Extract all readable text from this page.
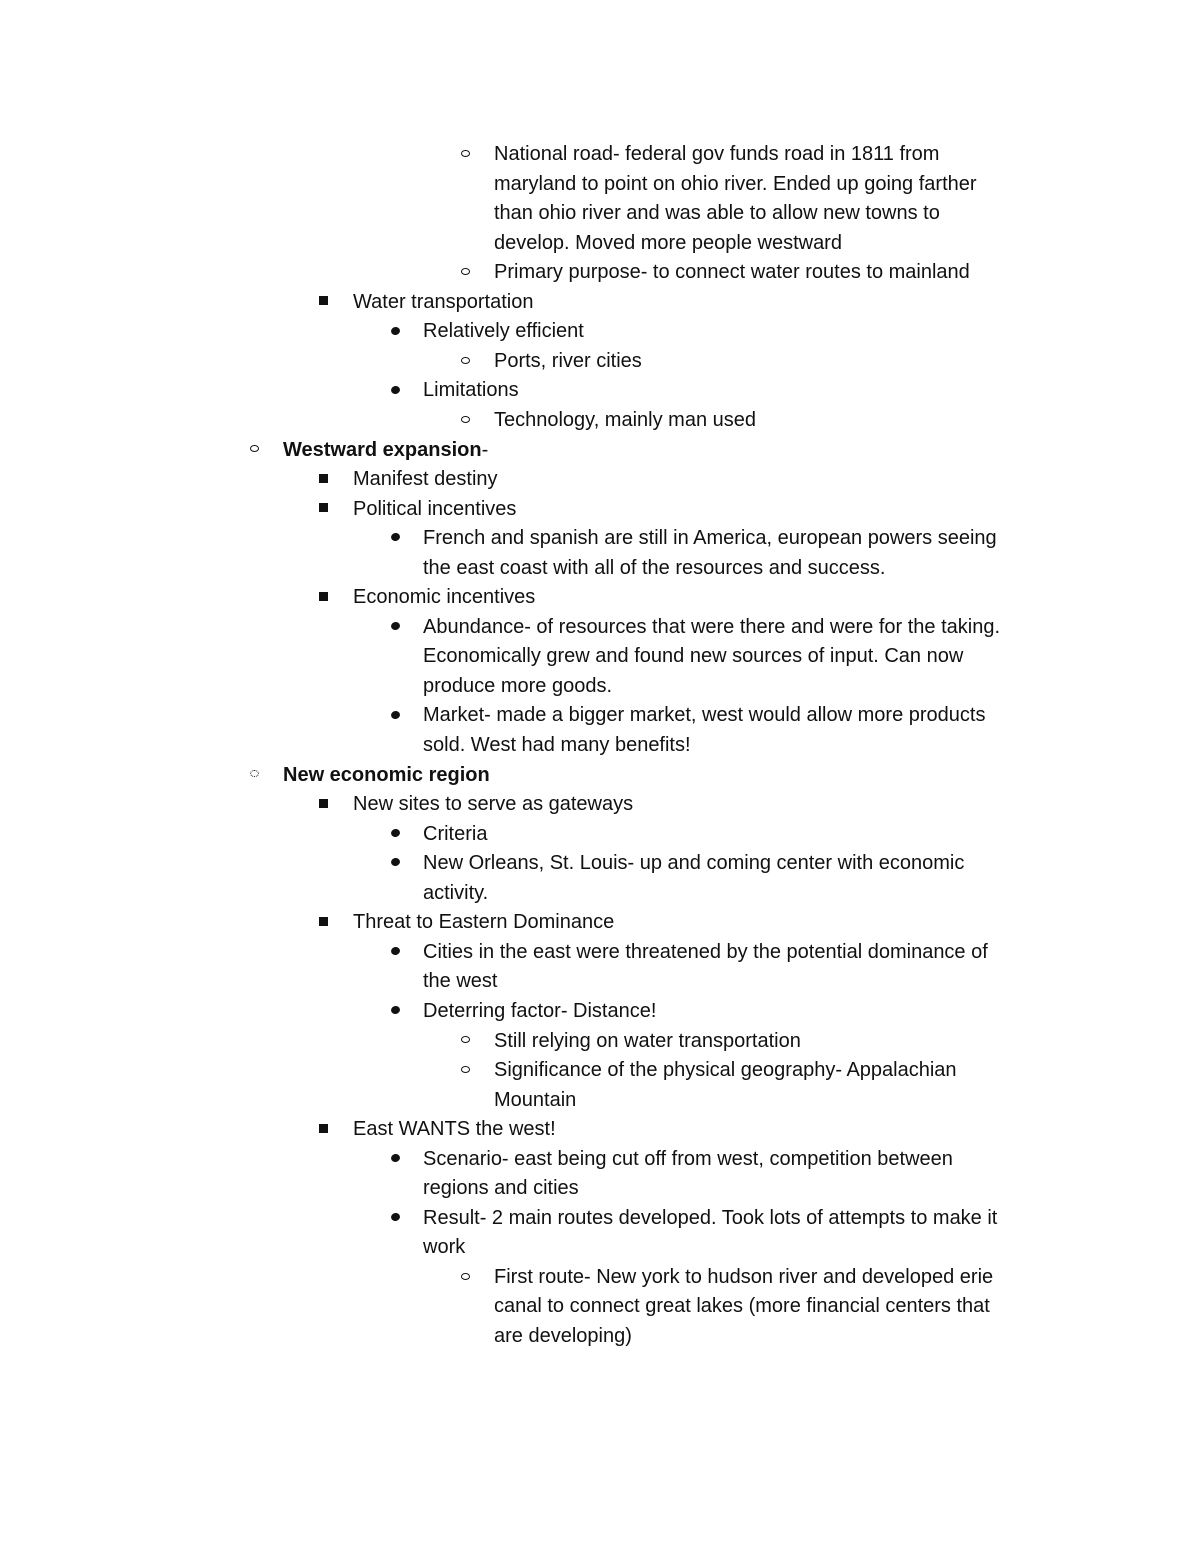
National road- federal gov funds road in 1811 from
maryland to point on ohio river. Ended up going farther
than ohio river and was able to allow new towns to
develop. Moved more people westward
Primary purpose- to connect water routes to mainland
Water transportation
Relatively efficient
Ports, river cities
Limitations
Technology, mainly man used
Westward expansion-
Manifest destiny
Political incentives
French and spanish are still in America, european powers seeing
the east coast with all of the resources and success.
Economic incentives
Abundance- of resources that were there and were for the taking.
Economically grew and found new sources of input. Can now
produce more goods.
Market- made a bigger market, west would allow more products
sold. West had many benefits!
New economic region
New sites to serve as gateways
Criteria
New Orleans, St. Louis- up and coming center with economic
activity.
Threat to Eastern Dominance
Cities in the east were threatened by the potential dominance of
the west
Deterring factor- Distance!
Still relying on water transportation
Significance of the physical geography- Appalachian
Mountain
East WANTS the west!
Scenario- east being cut off from west, competition between
regions and cities
Result- 2 main routes developed. Took lots of attempts to make it
work
First route- New york to hudson river and developed erie
canal to connect great lakes (more financial centers that
are developing)
